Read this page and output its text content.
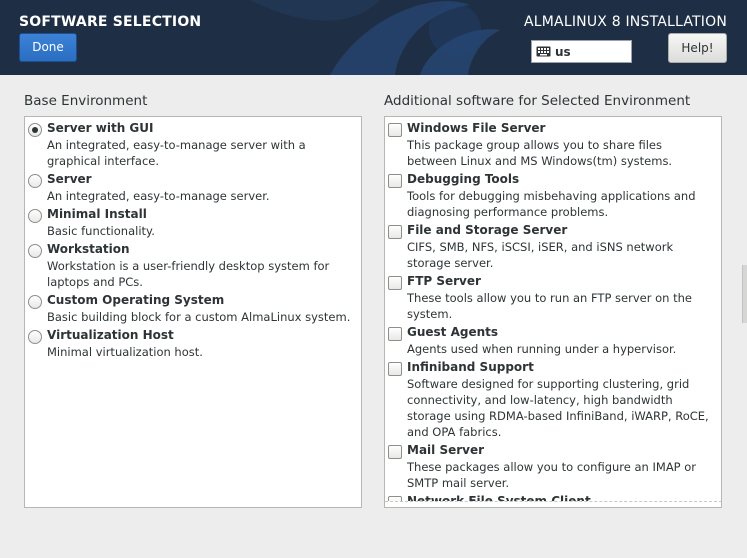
SOFTWARE SELECTION
Done
ALMALINUX 8 INSTALLATION
us	Help!
Base Environment	Additional software for Selected Environment
Server with GUI
An integrated, easy-to-manage server with a graphical interface.
Server
An integrated, easy-to-manage server.
Minimal Install
Basic functionality.
Workstation
Workstation is a user-friendly desktop system for laptops and PCs.
Custom Operating System
Basic building block for a custom AlmaLinux system.
Virtualization Host
Minimal virtualization host.
Windows File Server
This package group allows you to share files between Linux and MS Windows(tm) systems.
Debugging Tools
Tools for debugging misbehaving applications and diagnosing performance problems.
File and Storage Server
CIFS, SMB, NFS, iSCSI, iSER, and iSNS network storage server.
FTP Server
These tools allow you to run an FTP server on the system.
Guest Agents
Agents used when running under a hypervisor.
Infiniband Support
Software designed for supporting clustering, grid connectivity, and low-latency, high bandwidth storage using RDMA-based InfiniBand, iWARP, RoCE, and OPA fabrics.
Mail Server
These packages allow you to configure an IMAP or SMTP mail server.
